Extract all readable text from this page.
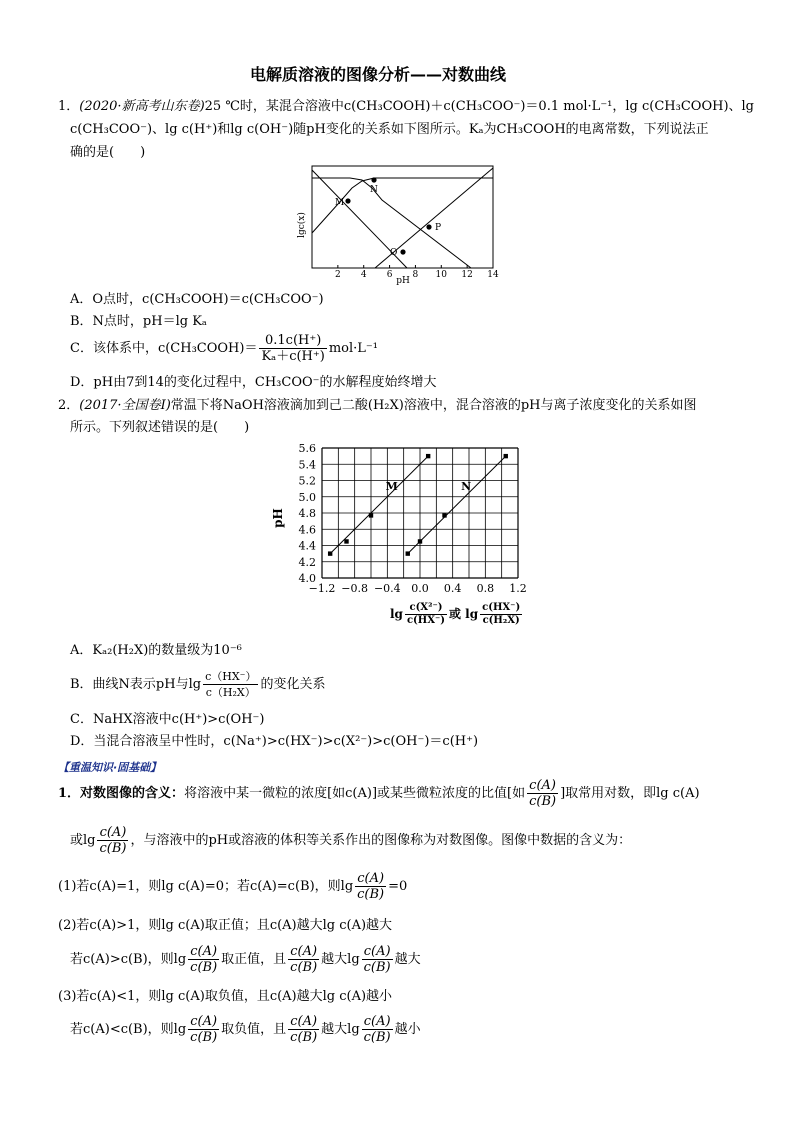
电解质溶液的图像分析——对数曲线
1．(2020·新高考山东卷)25 ℃时，某混合溶液中c(CH₃COOH)＋c(CH₃COO⁻)＝0.1 mol·L⁻¹，lg c(CH₃COOH)、lg
c(CH₃COO⁻)、lg c(H⁺)和lg c(OH⁻)随pH变化的关系如下图所示。Kₐ为CH₃COOH的电离常数，下列说法正
确的是(　　)
M
N
O
P
lgc(x)
2 4 6 8 10 12 14
pH
A．O点时，c(CH₃COOH)＝c(CH₃COO⁻)
B．N点时，pH＝lg Kₐ
C．该体系中，c(CH₃COOH)＝ $\frac{0.1c(H^+)}{\text{Kₐ＋c(H⁺)}} mol\cdot L^{-1}$
D．pH由7到14的变化过程中，CH₃COO⁻的水解程度始终增大
2．(2017·全国卷Ⅰ)常温下将NaOH溶液滴加到己二酸(H₂X)溶液中，混合溶液的pH与离子浓度变化的关系如图
所示。下列叙述错误的是(　　)
5.6
5.4
5.2
5.0
4.8
4.6
4.4
4.2
4.0
−1.2 −0.8 −0.4 0.0 0.4 0.8 1.2
M	N
pH
$\lg \frac{\text{c(X²⁻)}}{c(HX^-)}$ 或 $\lg \frac{c(HX^-)}{\text{c(H₂X)}}$
A．Kₐ₂(H₂X)的数量级为10⁻⁶
B．曲线N表示pH与$\lg \frac{c(HX^-)}{\text{c（H₂X）}}$ 的变化关系
C．NaHX溶液中c(H⁺)>c(OH⁻)
D．当混合溶液呈中性时，c(Na⁺)>c(HX⁻)>c(X²⁻)>c(OH⁻)＝c(H⁺)
【重温知识·固基础】
1．对数图像的含义：将溶液中某一微粒的浓度[如c(A)]或某些微粒浓度的比值[如 $\frac{c(A)}{c(B)}$ ]取常用对数，即lg c(A)
或$\lg \frac{c(A)}{c(B)}$ ，与溶液中的pH或溶液的体积等关系作出的图像称为对数图像。图像中数据的含义为：
(1)若c(A)=1，则lg c(A)=0；若c(A)=c(B)，则$\lg \frac{c(A)}{c(B)} =0$
(2)若c(A)>1，则lg c(A)取正值；且c(A)越大lg c(A)越大
若c(A)>c(B)，则$\lg \frac{c(A)}{c(B)}$ 取正值，且 $\frac{c(A)}{c(B)}$ 越大$\lg \frac{c(A)}{c(B)}$ 越大
(3)若c(A)<1，则lg c(A)取负值，且c(A)越大lg c(A)越小
若c(A)<c(B)，则$\lg \frac{c(A)}{c(B)}$ 取负值，且 $\frac{c(A)}{c(B)}$ 越大$\lg \frac{c(A)}{c(B)}$ 越小
